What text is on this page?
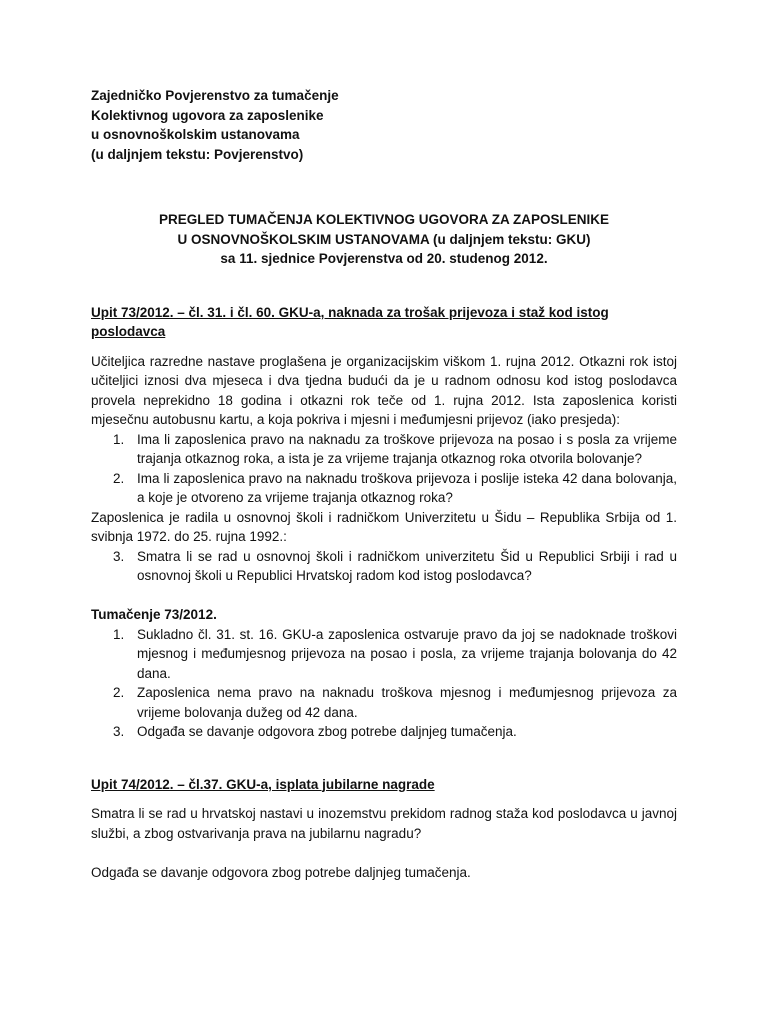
Zajedničko Povjerenstvo za tumačenje
Kolektivnog ugovora za zaposlenike
u osnovnoškolskim ustanovama
(u daljnjem tekstu: Povjerenstvo)
PREGLED TUMAČENJA KOLEKTIVNOG UGOVORA ZA ZAPOSLENIKE
U OSNOVNOŠKOLSKIM USTANOVAMA (u daljnjem tekstu: GKU)
sa 11. sjednice Povjerenstva od 20. studenog 2012.
Upit 73/2012. – čl. 31. i čl. 60. GKU-a, naknada za trošak prijevoza i staž kod istog poslodavca
Učiteljica razredne nastave proglašena je organizacijskim viškom 1. rujna 2012. Otkazni rok istoj učiteljici iznosi dva mjeseca i dva tjedna budući da je u radnom odnosu kod istog poslodavca provela neprekidno 18 godina i otkazni rok teče od 1. rujna 2012. Ista zaposlenica koristi mjesečnu autobusnu kartu, a koja pokriva i mjesni i međumjesni prijevoz (iako presjeda):
1. Ima li zaposlenica pravo na naknadu za troškove prijevoza na posao i s posla za vrijeme trajanja otkaznog roka, a ista je za vrijeme trajanja otkaznog roka otvorila bolovanje?
2. Ima li zaposlenica pravo na naknadu troškova prijevoza i poslije isteka 42 dana bolovanja, a koje je otvoreno za vrijeme trajanja otkaznog roka?
Zaposlenica je radila u osnovnoj školi i radničkom Univerzitetu u Šidu – Republika Srbija od 1. svibnja 1972. do 25. rujna 1992.:
3. Smatra li se rad u osnovnoj školi i radničkom univerzitetu Šid u Republici Srbiji i rad u osnovnoj školi u Republici Hrvatskoj radom kod istog poslodavca?
Tumačenje 73/2012.
1. Sukladno čl. 31. st. 16. GKU-a zaposlenica ostvaruje pravo da joj se nadoknade troškovi mjesnog i međumjesnog prijevoza na posao i posla, za vrijeme trajanja bolovanja do 42 dana.
2. Zaposlenica nema pravo na naknadu troškova mjesnog i međumjesnog prijevoza za vrijeme bolovanja dužeg od 42 dana.
3. Odgađa se davanje odgovora zbog potrebe daljnjeg tumačenja.
Upit 74/2012. – čl.37. GKU-a, isplata jubilarne nagrade
Smatra li se rad u hrvatskoj nastavi u inozemstvu prekidom radnog staža kod poslodavca u javnoj službi, a zbog ostvarivanja prava na jubilarnu nagradu?
Odgađa se davanje odgovora zbog potrebe daljnjeg tumačenja.
